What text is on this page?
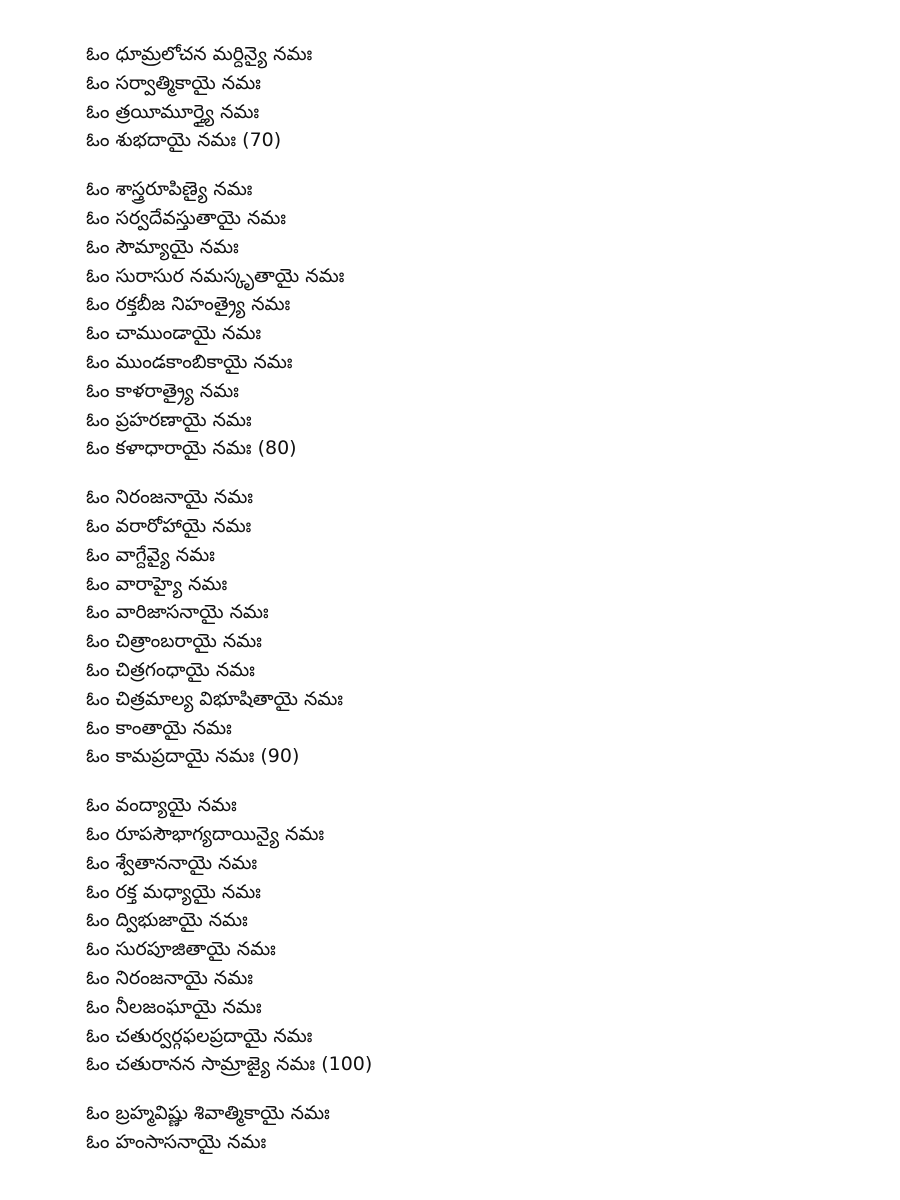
ఓం ధూమ్రలోచన మర్దిన్యై నమః
ఓం సర్వాత్మికాయై నమః
ఓం త్రయీమూర్త్యై నమః
ఓం శుభదాయై నమః (70)
ఓం శాస్త్రరూపిణ్యై నమః
ఓం సర్వదేవస్తుతాయై నమః
ఓం సౌమ్యాయై నమః
ఓం సురాసుర నమస్కృతాయై నమః
ఓం రక్తబీజ నిహంత్ర్యై నమః
ఓం చాముండాయై నమః
ఓం ముండకాంబికాయై నమః
ఓం కాళరాత్ర్యై నమః
ఓం ప్రహరణాయై నమః
ఓం కళాధారాయై నమః (80)
ఓం నిరంజనాయై నమః
ఓం వరారోహాయై నమః
ఓం వాగ్దేవ్యై నమః
ఓం వారాహ్యై నమః
ఓం వారిజాసనాయై నమః
ఓం చిత్రాంబరాయై నమః
ఓం చిత్రగంధాయై నమః
ఓం చిత్రమాల్య విభూషితాయై నమః
ఓం కాంతాయై నమః
ఓం కామప్రదాయై నమః (90)
ఓం వంద్యాయై నమః
ఓం రూపసౌభాగ్యదాయిన్యై నమః
ఓం శ్వేతాననాయై నమః
ఓం రక్త మధ్యాయై నమః
ఓం ద్విభుజాయై నమః
ఓం సురపూజితాయై నమః
ఓం నిరంజనాయై నమః
ఓం నీలజంఘాయై నమః
ఓం చతుర్వర్గఫలప్రదాయై నమః
ఓం చతురానన సామ్రాజ్యై నమః (100)
ఓం బ్రహ్మవిష్ణు శివాత్మికాయై నమః
ఓం హంసాసనాయై నమః
